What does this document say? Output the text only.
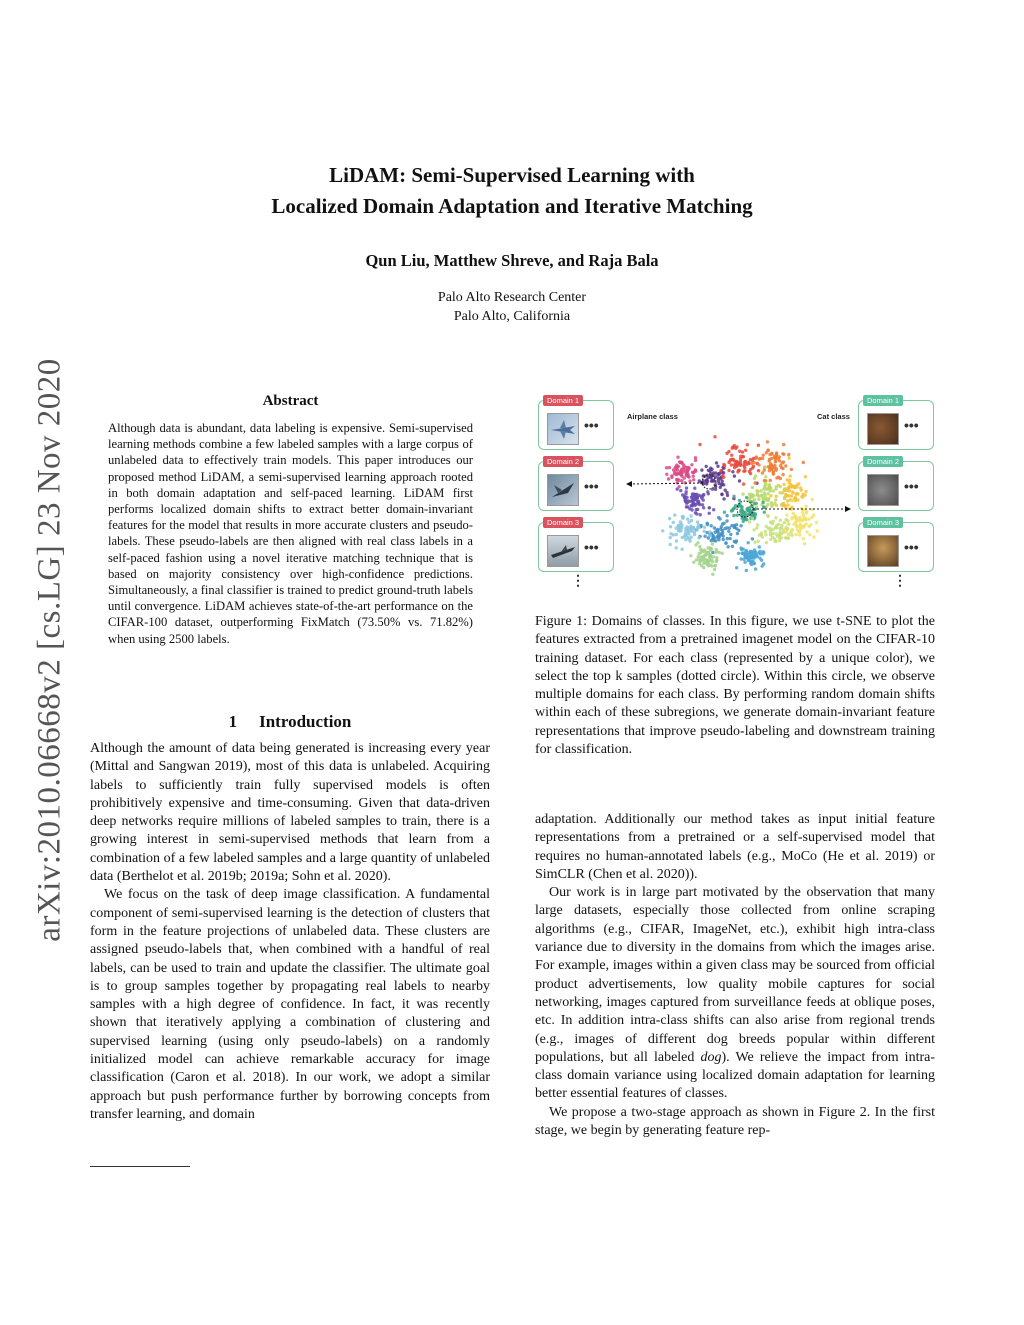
LiDAM: Semi-Supervised Learning with
Localized Domain Adaptation and Iterative Matching
Qun Liu, Matthew Shreve, and Raja Bala
Palo Alto Research Center
Palo Alto, California
arXiv:2010.06668v2 [cs.LG] 23 Nov 2020	Abstract
Although data is abundant, data labeling is expensive. Semi-supervised learning methods combine a few labeled samples with a large corpus of unlabeled data to effectively train models. This paper introduces our proposed method LiDAM, a semi-supervised learning approach rooted in both domain adaptation and self-paced learning. LiDAM first performs localized domain shifts to extract better domain-invariant features for the model that results in more accurate clusters and pseudo-labels. These pseudo-labels are then aligned with real class labels in a self-paced fashion using a novel iterative matching technique that is based on majority consistency over high-confidence predictions. Simultaneously, a final classifier is trained to predict ground-truth labels until convergence. LiDAM achieves state-of-the-art performance on the CIFAR-100 dataset, outperforming FixMatch (73.50% vs. 71.82%) when using 2500 labels.
1 Introduction

Although the amount of data being generated is increasing every year (Mittal and Sangwan 2019), most of this data is unlabeled. Acquiring labels to sufficiently train fully supervised models is often prohibitively expensive and time-consuming. Given that data-driven deep networks require millions of labeled samples to train, there is a growing interest in semi-supervised methods that learn from a combination of a few labeled samples and a large quantity of unlabeled data (Berthelot et al. 2019b; 2019a; Sohn et al. 2020).

We focus on the task of deep image classification. A fundamental component of semi-supervised learning is the detection of clusters that form in the feature projections of unlabeled data. These clusters are assigned pseudo-labels that, when combined with a handful of real labels, can be used to train and update the classifier. The ultimate goal is to group samples together by propagating real labels to nearby samples with a high degree of confidence. In fact, it was recently shown that iteratively applying a combination of clustering and supervised learning (using only pseudo-labels) on a randomly initialized model can achieve remarkable accuracy for image classification (Caron et al. 2018). In our work, we adopt a similar approach but push performance further by borrowing concepts from transfer learning, and domain

Domain 1
•••
Domain 2
•••
Domain 3
•••
⋮
Airplane class	Cat class
Domain 1
•••
Domain 2
•••
Domain 3
•••
⋮
Figure 1: Domains of classes. In this figure, we use t-SNE to plot the features extracted from a pretrained imagenet model on the CIFAR-10 training dataset. For each class (represented by a unique color), we select the top k samples (dotted circle). Within this circle, we observe multiple domains for each class. By performing random domain shifts within each of these subregions, we generate domain-invariant feature representations that improve pseudo-labeling and downstream training for classification.

adaptation. Additionally our method takes as input initial feature representations from a pretrained or a self-supervised model that requires no human-annotated labels (e.g., MoCo (He et al. 2019) or SimCLR (Chen et al. 2020)).

Our work is in large part motivated by the observation that many large datasets, especially those collected from online scraping algorithms (e.g., CIFAR, ImageNet, etc.), exhibit high intra-class variance due to diversity in the domains from which the images arise. For example, images within a given class may be sourced from official product advertisements, low quality mobile captures for social networking, images captured from surveillance feeds at oblique poses, etc. In addition intra-class shifts can also arise from regional trends (e.g., images of different dog breeds popular within different populations, but all labeled dog). We relieve the impact from intra-class domain variance using localized domain adaptation for learning better essential features of classes.

We propose a two-stage approach as shown in Figure 2. In the first stage, we begin by generating feature rep-
